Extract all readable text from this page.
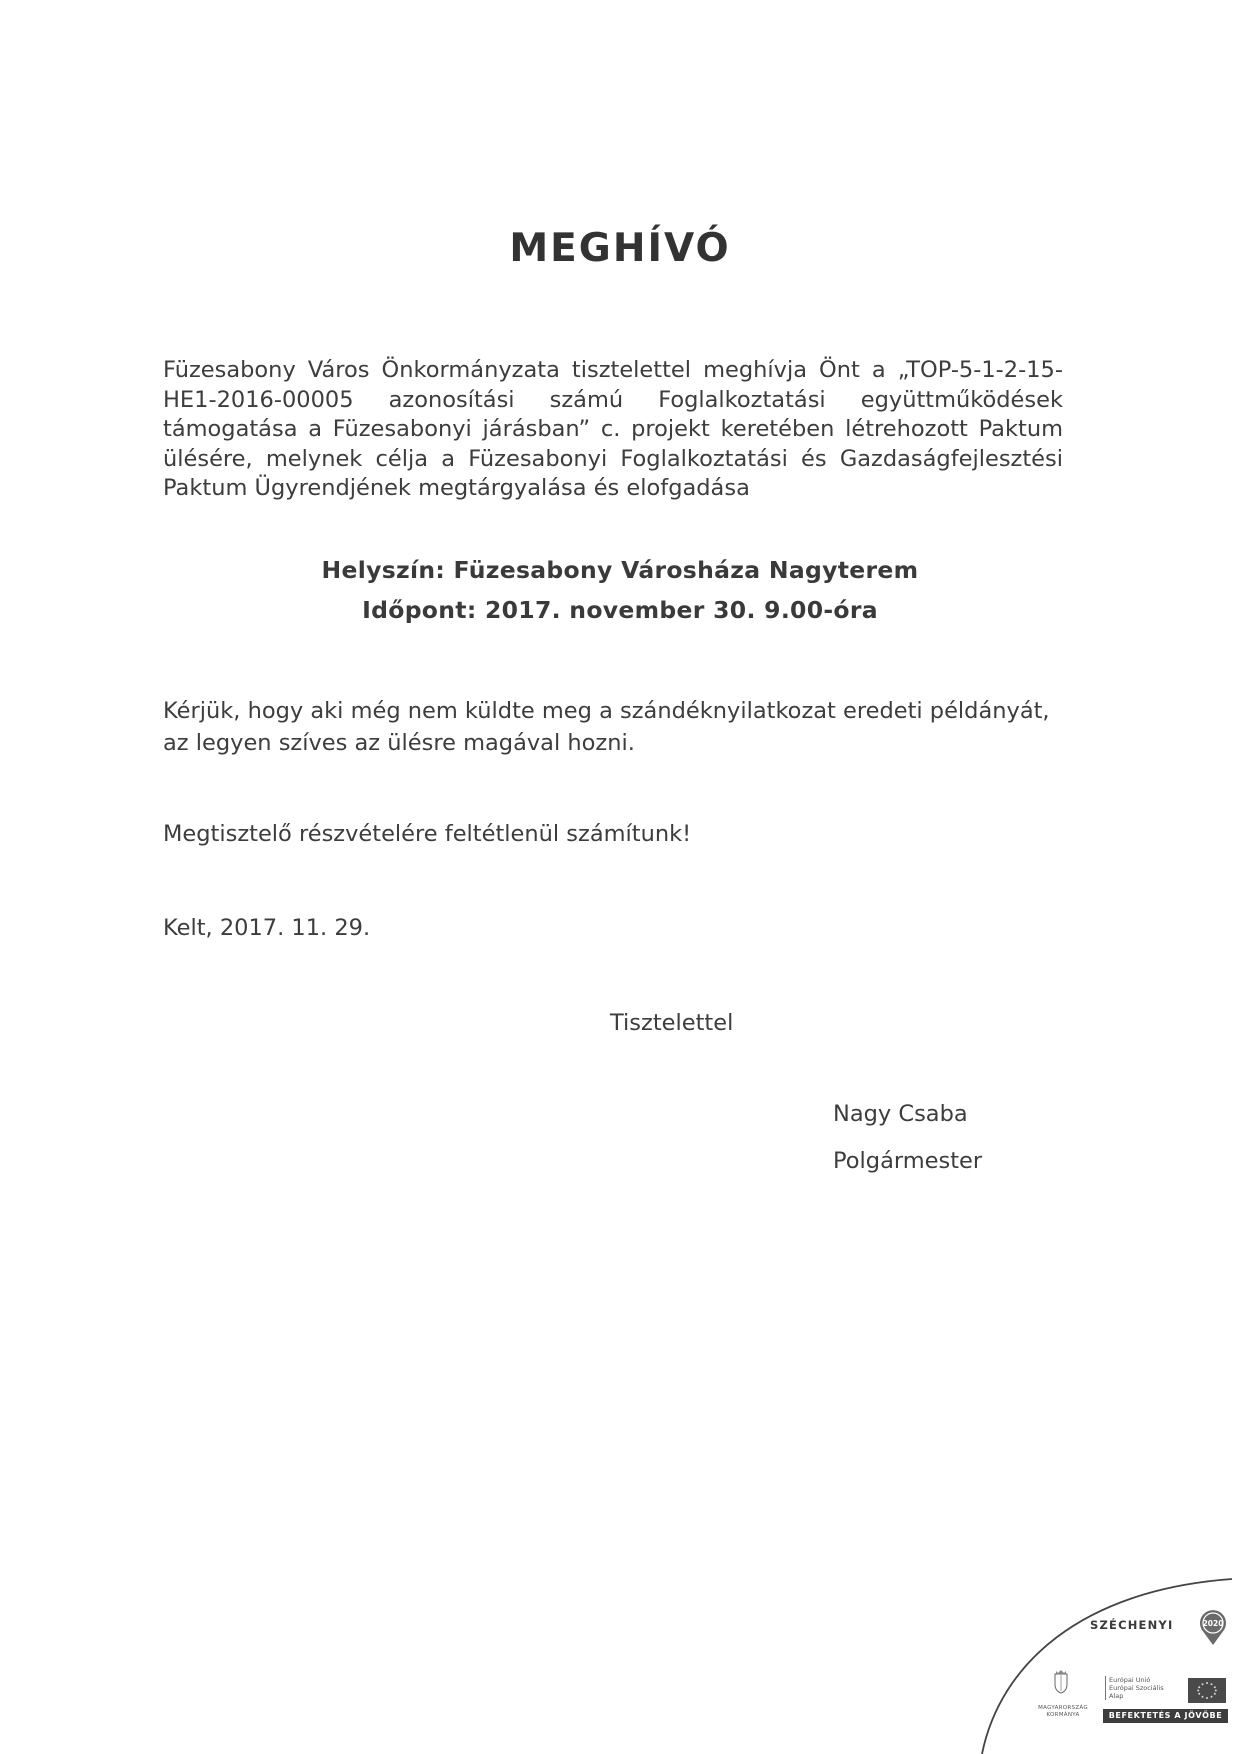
MEGHÍVÓ

Füzesabony Város Önkormányzata tisztelettel meghívja Önt a „TOP-5-1-2-15-
HE1-2016-00005 azonosítási számú Foglalkoztatási együttműködések
támogatása a Füzesabonyi járásban” c. projekt keretében létrehozott Paktum
ülésére, melynek célja a Füzesabonyi Foglalkoztatási és Gazdaságfejlesztési
Paktum Ügyrendjének megtárgyalása és elofgadása

Helyszín: Füzesabony Városháza Nagyterem
Időpont: 2017. november 30. 9.00-óra
Kérjük, hogy aki még nem küldte meg a szándéknyilatkozat eredeti példányát,
az legyen szíves az ülésre magával hozni.
Megtisztelő részvételére feltétlenül számítunk!
Kelt, 2017. 11. 29.
Tisztelettel
Nagy Csaba
Polgármester
SZÉCHENYI	2020
MAGYARORSZÁG
KORMÁNYA
Európai Unió
Európai Szociális
Alap
BEFEKTETÉS A JÖVŐBE
